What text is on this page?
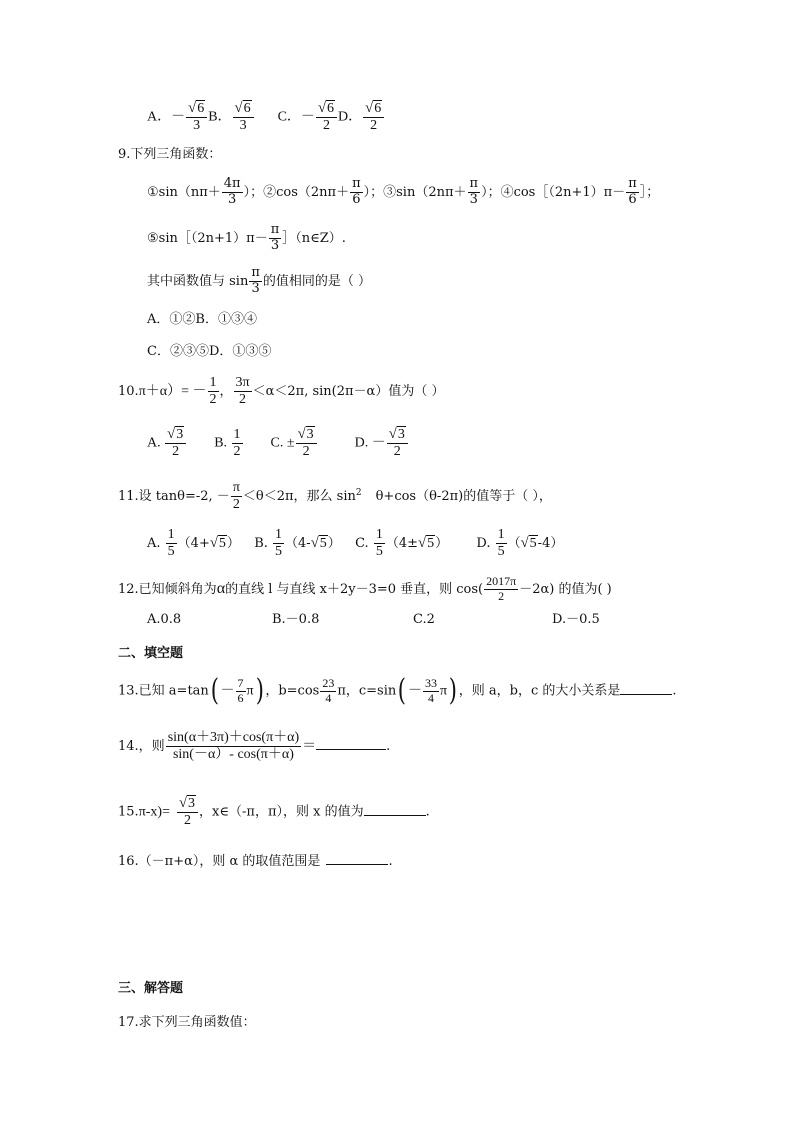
A．－ $\frac{√6}{3}$ B． $\frac{√6}{3}$ C．－ $\frac{√6}{2}$ D． $\frac{√6}{2}$
9.下列三角函数：
①sin（nπ＋ $\frac{4\pi}{3}$ ）；②cos（2nπ＋ $\frac{\pi}{6}$ ）；③sin（2nπ＋ $\frac{\pi}{3}$ ）；④cos［（2n+1）π－ $\frac{\pi}{6}$ ］；
⑤sin［（2n+1）π－ $\frac{\pi}{3}$ ］（n∈Z）.
其中函数值与 $\sin \frac{\pi}{3}$ 的值相同的是（ ）
A．①②B．①③④
C．②③⑤D．①③⑤
$10.\pi+\alpha)= - \frac{1}{2}$ ， $\frac{3\pi}{2} <\alpha<2\pi$, sin(2π－α）值为（ ）
A. $\frac{√3}{2} B$. $\frac{1}{2} C$. ± $\frac{√3}{2}$	D. － $\frac{√3}{2}$
11.设 tanθ=-2, － $\frac{\pi}{2} <\theta<2\pi$，那么 $\sin^2 \theta+\cos(\theta-2\pi)$的值等于（ ），
A. $\frac{1}{5} (4+√5)$ B. $\frac{1}{5} (4-√5)$ C. $\frac{1}{5} (4\pm√5)$ D. $\frac{1}{5} (√5-4)$
12.已知倾斜角为α的直线 l 与直线 x＋2y－3=0 垂直，则 $\cos( \frac{2017\pi}{2} -2\alpha)$ 的值为( )
A.0.8	B.－0.8	C.2	D.－0.5
二、填空题
13.已知 $a=\tan( - \frac{7}{6} \pi)$ ，$b=\cos \frac{23}{4}$ π，$c=\sin( - \frac{33}{4} \pi)$ ，则 a，b，c 的大小关系是	.
14.，则 $\frac{\sin(\alpha+3\pi)+\cos(\pi+\alpha)}{\sin(-\alpha)- \cos(\pi+\alpha)}$ ＝	.
$15.\pi-x)= \frac{√3}{2}$ ，x∈（-π，π），则 x 的值为	.
16.（－π+α），则 α 的取值范围是	.
三、解答题
17.求下列三角函数值：
